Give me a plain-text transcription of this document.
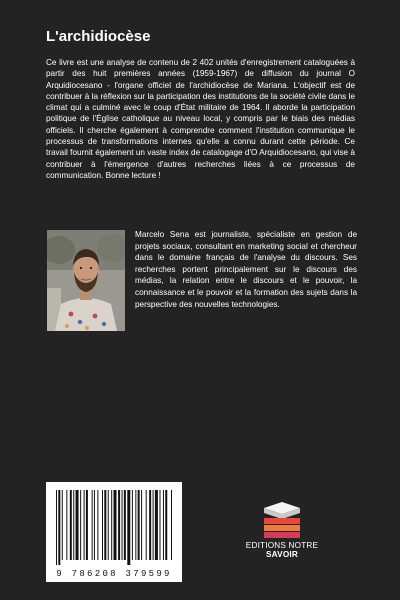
L'archidiocèse

Ce livre est une analyse de contenu de 2 402 unités d'enregistrement cataloguées à partir des huit premières années (1959-1967) de diffusion du journal O Arquidiocesano - l'organe officiel de l'archidiocèse de Mariana. L'objectif est de contribuer à la réflexion sur la participation des institutions de la société civile dans le climat qui a culminé avec le coup d'État militaire de 1964. Il aborde la participation politique de l'Église catholique au niveau local, y compris par le biais des médias officiels. Il cherche également à comprendre comment l'institution communique le processus de transformations internes qu'elle a connu durant cette période. Ce travail fournit également un vaste index de catalogage d'O Arquidiocesano, qui vise à contribuer à l'émergence d'autres recherches liées à ce processus de communication. Bonne lecture !

Marcelo Sena est journaliste, spécialiste en gestion de projets sociaux, consultant en marketing social et chercheur dans le domaine français de l'analyse du discours. Ses recherches portent principalement sur le discours des médias, la relation entre le discours et le pouvoir, la connaissance et le pouvoir et la formation des sujets dans la perspective des nouvelles technologies.

9 786208 379599
EDITIONS NOTRE SAVOIR
